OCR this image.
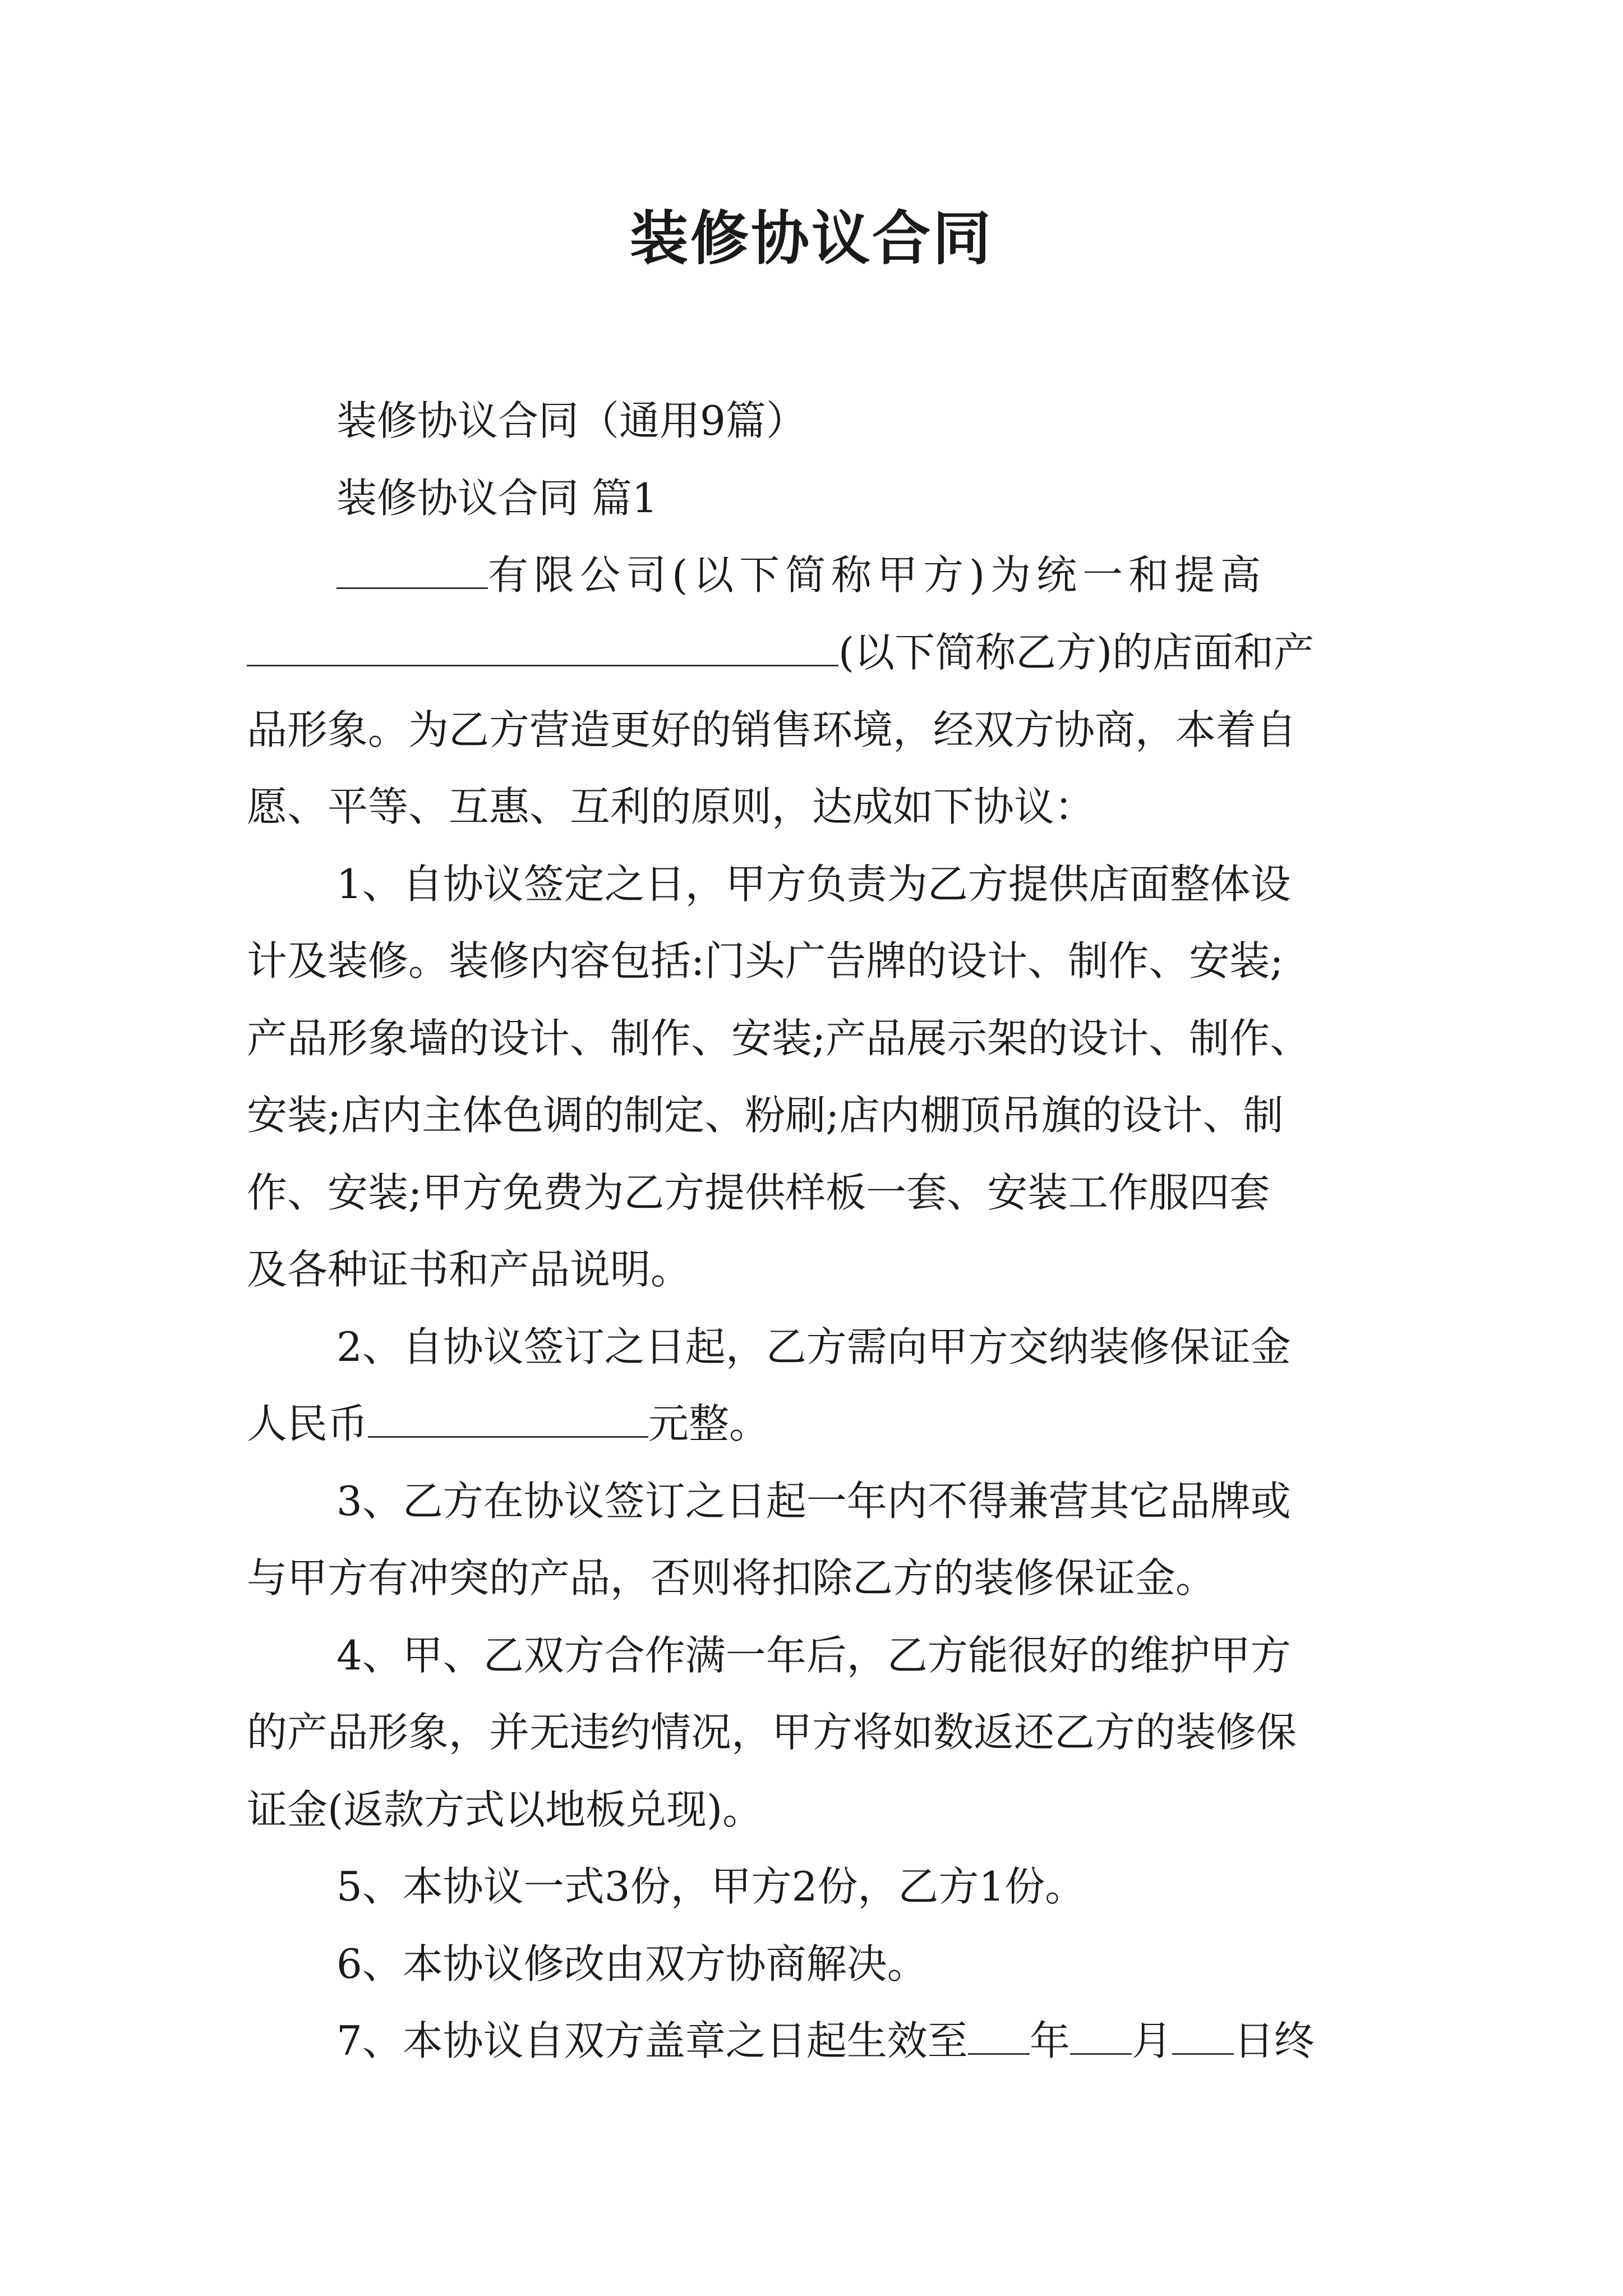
装修协议合同

装修协议合同（通用9篇）

装修协议合同 篇1

有限公司(以下简称甲方)为统一和提高

(以下简称乙方)的店面和产

品形象。为乙方营造更好的销售环境，经双方协商，本着自

愿、平等、互惠、互利的原则，达成如下协议：

1、自协议签定之日，甲方负责为乙方提供店面整体设

计及装修。装修内容包括:门头广告牌的设计、制作、安装;

产品形象墙的设计、制作、安装;产品展示架的设计、制作、

安装;店内主体色调的制定、粉刷;店内棚顶吊旗的设计、制

作、安装;甲方免费为乙方提供样板一套、安装工作服四套

及各种证书和产品说明。

2、自协议签订之日起，乙方需向甲方交纳装修保证金

人民币	元整。

3、乙方在协议签订之日起一年内不得兼营其它品牌或

与甲方有冲突的产品，否则将扣除乙方的装修保证金。

4、甲、乙双方合作满一年后，乙方能很好的维护甲方

的产品形象，并无违约情况，甲方将如数返还乙方的装修保

证金(返款方式以地板兑现)。

5、本协议一式3份，甲方2份，乙方1份。

6、本协议修改由双方协商解决。

7、本协议自双方盖章之日起生效至 年 月 日终
